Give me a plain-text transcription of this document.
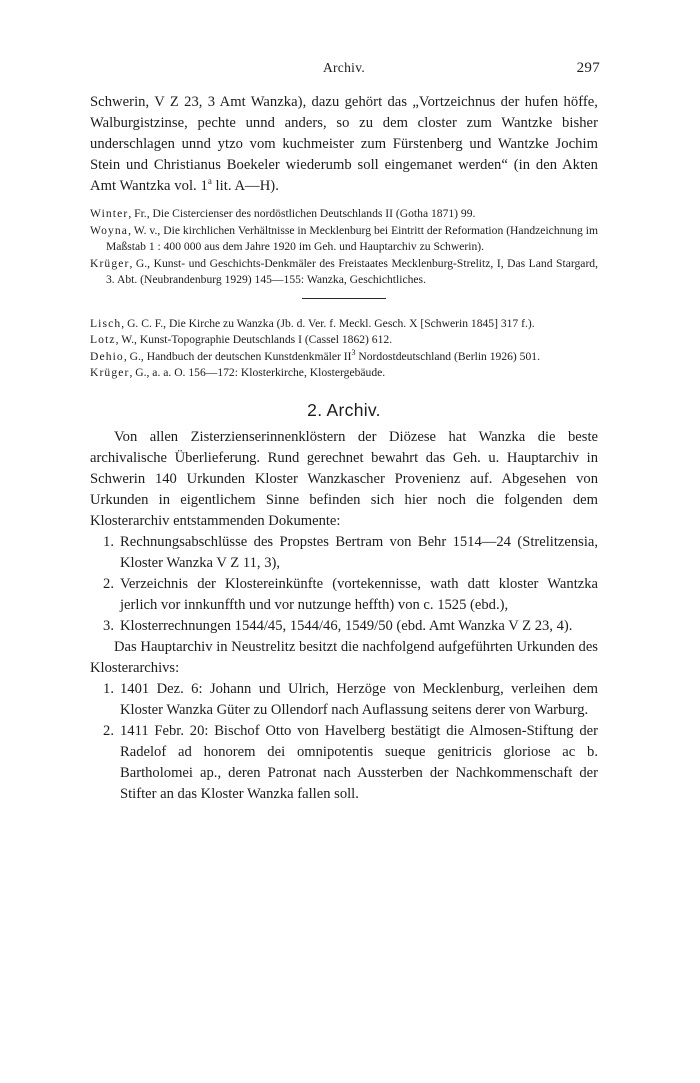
Archiv.	297

Schwerin, V Z 23, 3 Amt Wanzka), dazu gehört das „Vortzeichnus der hufen höffe, Walburgistzinse, pechte unnd anders, so zu dem closter zum Wantzke bisher underschlagen unnd ytzo vom kuchmeister zum Fürstenberg und Wantzke Jochim Stein und Christianus Boekeler wiederumb soll eingemanet werden“ (in den Akten Amt Wantzka vol. 1$^a$ lit. A—H).

Winter, Fr., Die Cistercienser des nordöstlichen Deutschlands II (Gotha 1871) 99.
Woyna, W. v., Die kirchlichen Verhältnisse in Mecklenburg bei Eintritt der Reformation (Handzeichnung im Maßstab 1 : 400 000 aus dem Jahre 1920 im Geh. und Hauptarchiv zu Schwerin).
Krüger, G., Kunst- und Geschichts-Denkmäler des Freistaates Mecklenburg-Strelitz, I, Das Land Stargard, 3. Abt. (Neubrandenburg 1929) 145—155: Wanzka, Geschichtliches.
Lisch, G. C. F., Die Kirche zu Wanzka (Jb. d. Ver. f. Meckl. Gesch. X [Schwerin 1845] 317 f.).
Lotz, W., Kunst-Topographie Deutschlands I (Cassel 1862) 612.
Dehio, G., Handbuch der deutschen Kunstdenkmäler $II^3$ Nordostdeutschland (Berlin 1926) 501.
Krüger, G., a. a. O. 156—172: Klosterkirche, Klostergebäude.
2. Archiv.

Von allen Zisterzienserinnenklöstern der Diözese hat Wanzka die beste archivalische Überlieferung. Rund gerechnet bewahrt das Geh. u. Hauptarchiv in Schwerin 140 Urkunden Kloster Wanzkascher Provenienz auf. Abgesehen von Urkunden in eigentlichem Sinne befinden sich hier noch die folgenden dem Klosterarchiv entstammenden Dokumente:

1. Rechnungsabschlüsse des Propstes Bertram von Behr 1514—24 (Strelitzensia, Kloster Wanzka V Z 11, 3),
2. Verzeichnis der Klostereinkünfte (vortekennisse, wath datt kloster Wantzka jerlich vor innkunffth und vor nutzunge heffth) von c. 1525 (ebd.),
3. Klosterrechnungen 1544/45, 1544/46, 1549/50 (ebd. Amt Wanzka V Z 23, 4).

Das Hauptarchiv in Neustrelitz besitzt die nachfolgend aufgeführten Urkunden des Klosterarchivs:

1. 1401 Dez. 6: Johann und Ulrich, Herzöge von Mecklenburg, verleihen dem Kloster Wanzka Güter zu Ollendorf nach Auflassung seitens derer von Warburg.
2. 1411 Febr. 20: Bischof Otto von Havelberg bestätigt die Almosen-Stiftung der Radelof ad honorem dei omnipotentis sueque genitricis gloriose ac b. Bartholomei ap., deren Patronat nach Aussterben der Nachkommenschaft der Stifter an das Kloster Wanzka fallen soll.
